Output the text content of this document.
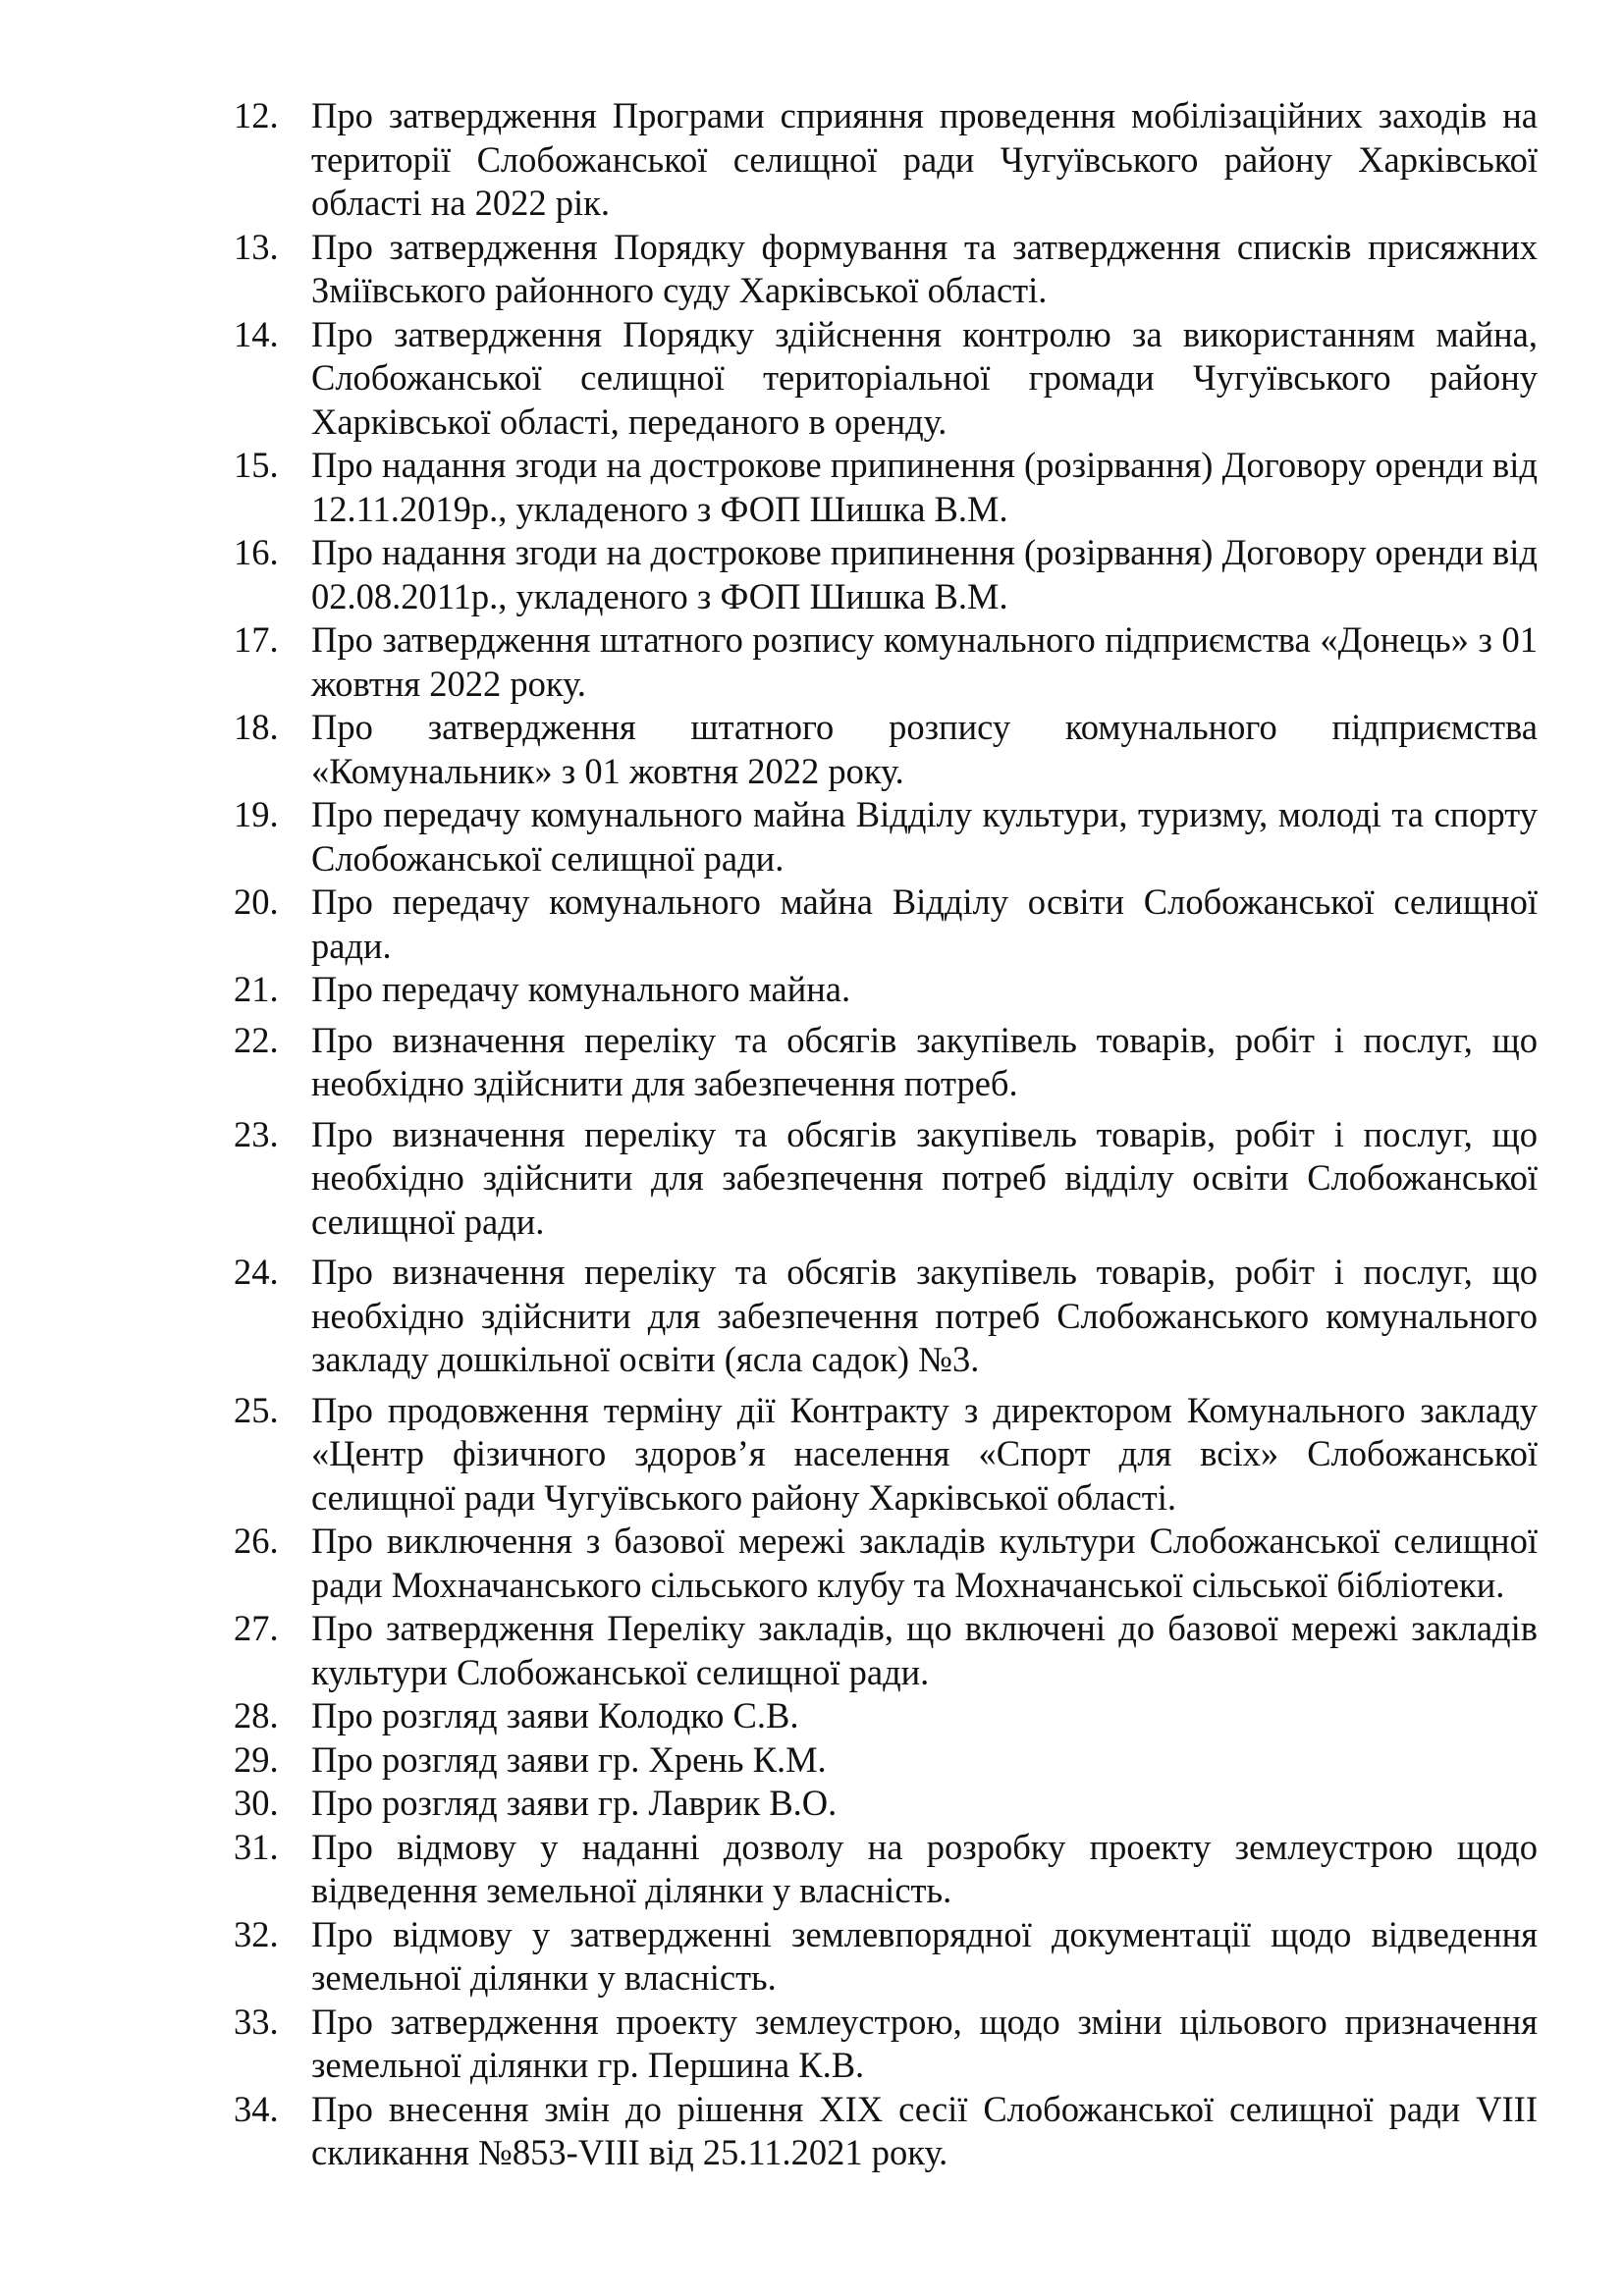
12. Про затвердження Програми сприяння проведення мобілізаційних заходів на території Слобожанської селищної ради Чугуївського району Харківської області на 2022 рік.
13. Про затвердження Порядку формування та затвердження списків присяжних Зміївського районного суду Харківської області.
14. Про затвердження Порядку здійснення контролю за використанням майна, Слобожанської селищної територіальної громади Чугуївського району Харківської області, переданого в оренду.
15. Про надання згоди на дострокове припинення (розірвання) Договору оренди від 12.11.2019р., укладеного з ФОП Шишка В.М.
16. Про надання згоди на дострокове припинення (розірвання) Договору оренди від 02.08.2011р., укладеного з ФОП Шишка В.М.
17. Про затвердження штатного розпису комунального підприємства «Донець» з 01 жовтня 2022 року.
18. Про затвердження штатного розпису комунального підприємства «Комунальник» з 01 жовтня 2022 року.
19. Про передачу комунального майна Відділу культури, туризму, молоді та спорту Слобожанської селищної ради.
20. Про передачу комунального майна Відділу освіти Слобожанської селищної ради.
21. Про передачу комунального майна.
22. Про визначення переліку та обсягів закупівель товарів, робіт і послуг, що необхідно здійснити для забезпечення потреб.
23. Про визначення переліку та обсягів закупівель товарів, робіт і послуг, що необхідно здійснити для забезпечення потреб відділу освіти Слобожанської селищної ради.
24. Про визначення переліку та обсягів закупівель товарів, робіт і послуг, що необхідно здійснити для забезпечення потреб Слобожанського комунального закладу дошкільної освіти (ясла садок) №3.
25. Про продовження терміну дії Контракту з директором Комунального закладу «Центр фізичного здоров’я населення «Спорт для всіх» Слобожанської селищної ради Чугуївського району Харківської області.
26. Про виключення з базової мережі закладів культури Слобожанської селищної ради Мохначанського сільського клубу та Мохначанської сільської бібліотеки.
27. Про затвердження Переліку закладів, що включені до базової мережі закладів культури Слобожанської селищної ради.
28. Про розгляд заяви Колодко С.В.
29. Про розгляд заяви гр. Хрень К.М.
30. Про розгляд заяви гр. Лаврик В.О.
31. Про відмову у наданні дозволу на розробку проекту землеустрою щодо відведення земельної ділянки у власність.
32. Про відмову у затвердженні землевпорядної документації щодо відведення земельної ділянки у власність.
33. Про затвердження проекту землеустрою, щодо зміни цільового призначення земельної ділянки гр. Першина К.В.
34. Про внесення змін до рішення XIX сесії Слобожанської селищної ради VIII скликання №853-VIII від 25.11.2021 року.
